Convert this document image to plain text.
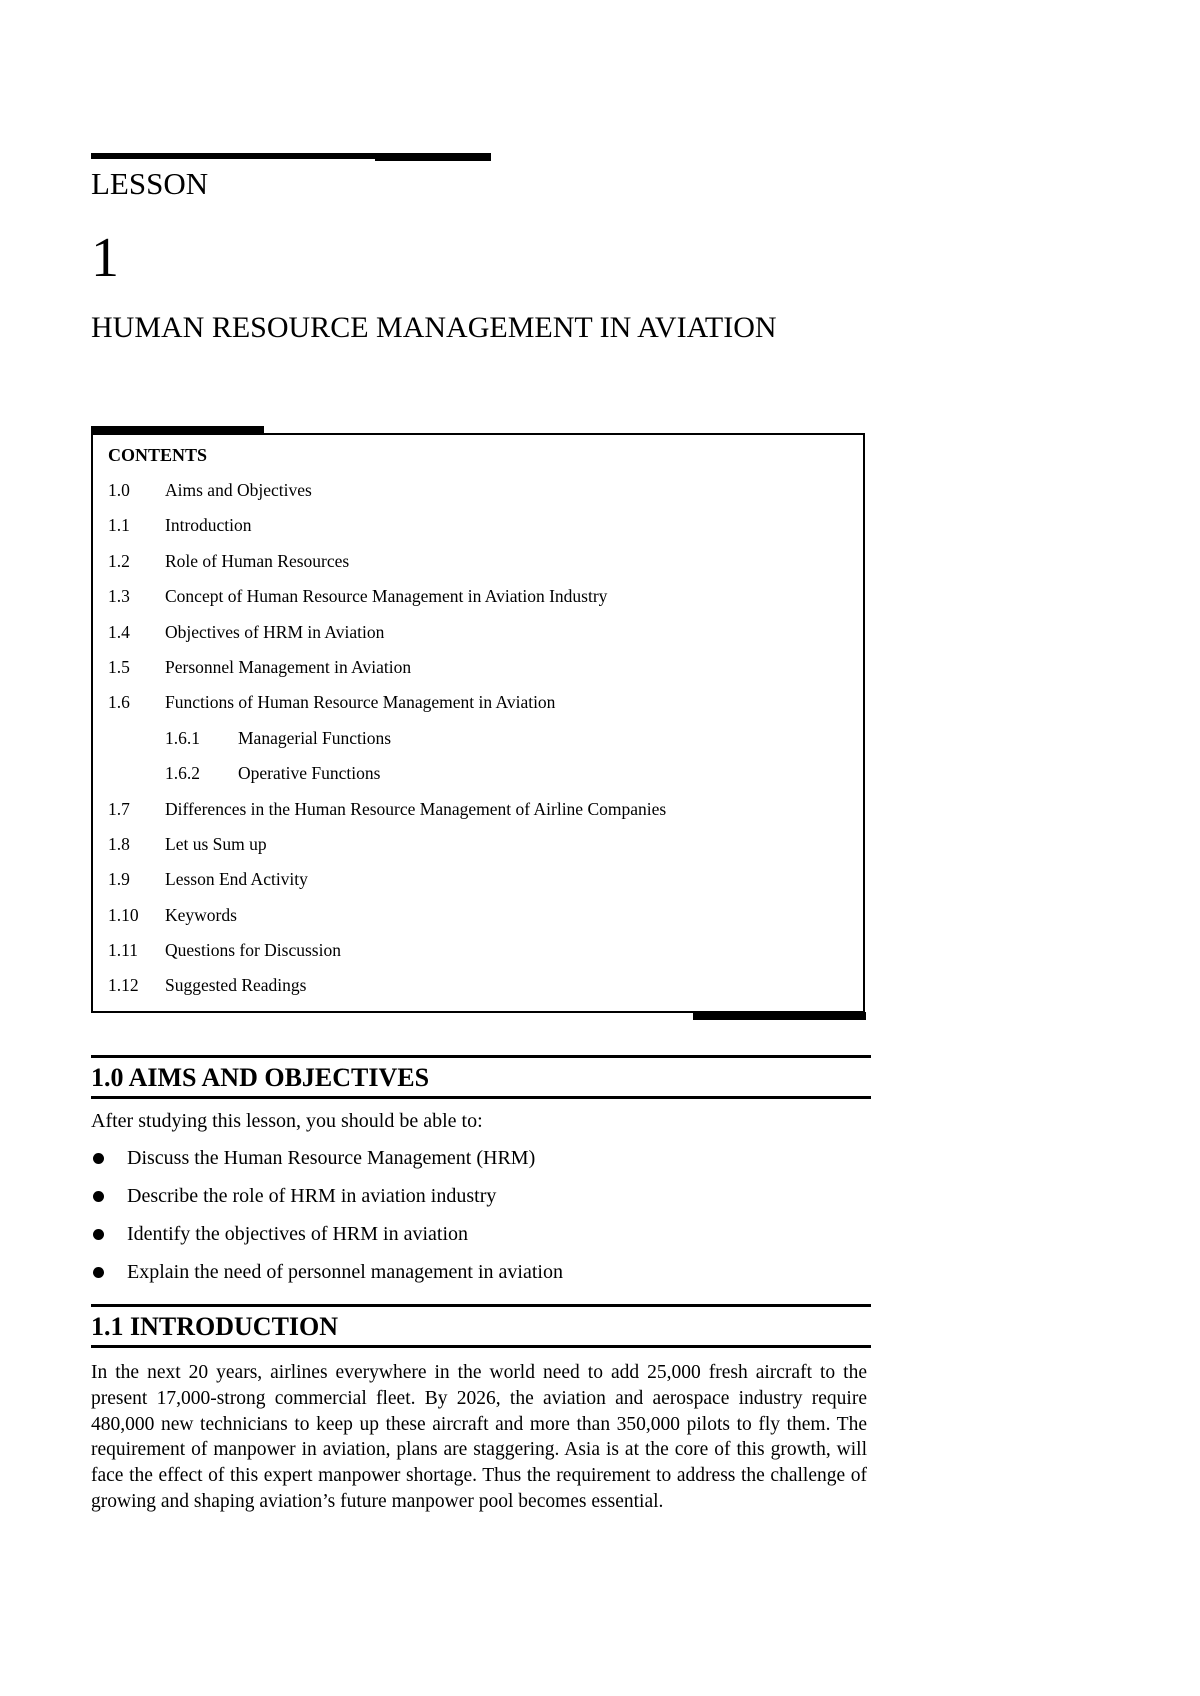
LESSON
1
HUMAN RESOURCE MANAGEMENT IN AVIATION
CONTENTS
1.0	Aims and Objectives
1.1	Introduction
1.2	Role of Human Resources
1.3	Concept of Human Resource Management in Aviation Industry
1.4	Objectives of HRM in Aviation
1.5	Personnel Management in Aviation
1.6	Functions of Human Resource Management in Aviation
1.6.1	Managerial Functions
1.6.2	Operative Functions
1.7	Differences in the Human Resource Management of Airline Companies
1.8	Let us Sum up
1.9	Lesson End Activity
1.10	Keywords
1.11	Questions for Discussion
1.12	Suggested Readings
1.0 AIMS AND OBJECTIVES
After studying this lesson, you should be able to:
Discuss the Human Resource Management (HRM)
Describe the role of HRM in aviation industry
Identify the objectives of HRM in aviation
Explain the need of personnel management in aviation
1.1 INTRODUCTION

In the next 20 years, airlines everywhere in the world need to add 25,000 fresh aircraft to the present 17,000-strong commercial fleet. By 2026, the aviation and aerospace industry require 480,000 new technicians to keep up these aircraft and more than 350,000 pilots to fly them. The requirement of manpower in aviation, plans are staggering. Asia is at the core of this growth, will face the effect of this expert manpower shortage. Thus the requirement to address the challenge of growing and shaping aviation’s future manpower pool becomes essential.
